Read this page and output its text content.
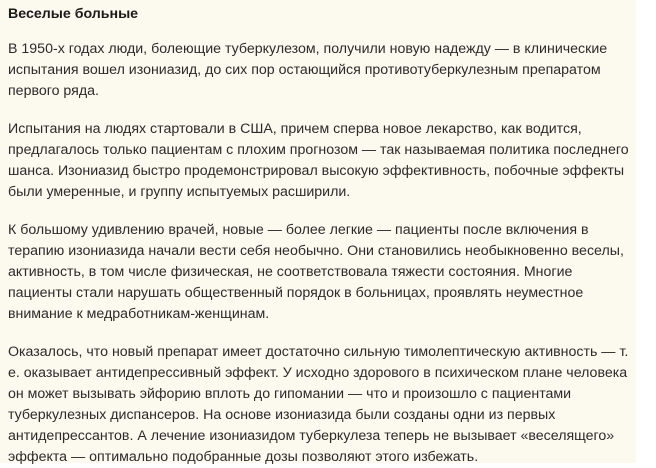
Веселые больные

В 1950-х годах люди, болеющие туберкулезом, получили новую надежду — в клинические испытания вошел изониазид, до сих пор остающийся противотуберкулезным препаратом первого ряда.

Испытания на людях стартовали в США, причем сперва новое лекарство, как водится, предлагалось только пациентам с плохим прогнозом — так называемая политика последнего шанса. Изониазид быстро продемонстрировал высокую эффективность, побочные эффекты были умеренные, и группу испытуемых расширили.

К большому удивлению врачей, новые — более легкие — пациенты после включения в терапию изониазида начали вести себя необычно. Они становились необыкновенно веселы, активность, в том числе физическая, не соответствовала тяжести состояния. Многие пациенты стали нарушать общественный порядок в больницах, проявлять неуместное внимание к медработникам-женщинам.

Оказалось, что новый препарат имеет достаточно сильную тимолептическую активность — т. е. оказывает антидепрессивный эффект. У исходно здорового в психическом плане человека он может вызывать эйфорию вплоть до гипомании — что и произошло с пациентами туберкулезных диспансеров. На основе изониазида были созданы одни из первых антидепрессантов. А лечение изониазидом туберкулеза теперь не вызывает «веселящего» эффекта — оптимально подобранные дозы позволяют этого избежать.
